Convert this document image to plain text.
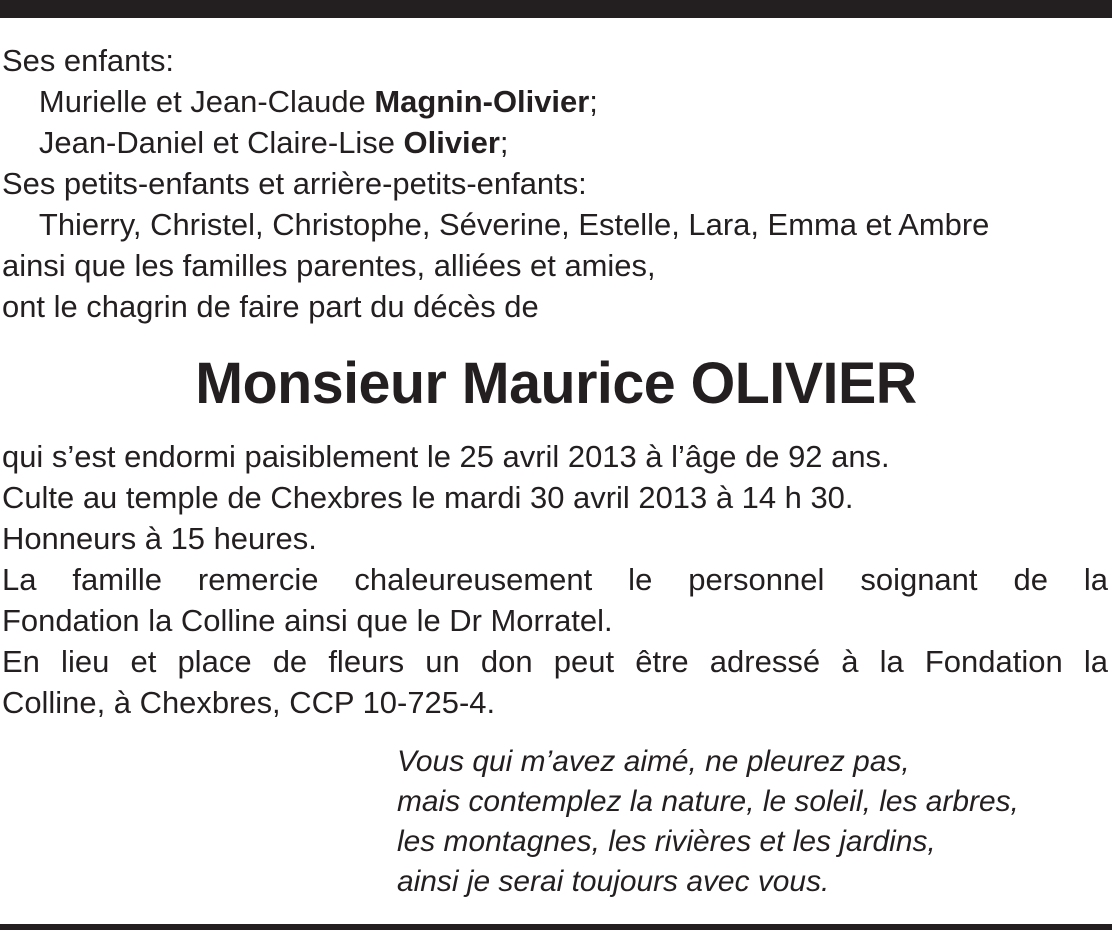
Ses enfants:
Murielle et Jean-Claude Magnin-Olivier;
Jean-Daniel et Claire-Lise Olivier;
Ses petits-enfants et arrière-petits-enfants:
Thierry, Christel, Christophe, Séverine, Estelle, Lara, Emma et Ambre
ainsi que les familles parentes, alliées et amies,
ont le chagrin de faire part du décès de
Monsieur Maurice OLIVIER
qui s’est endormi paisiblement le 25 avril 2013 à l’âge de 92 ans.
Culte au temple de Chexbres le mardi 30 avril 2013 à 14 h 30.
Honneurs à 15 heures.
La famille remercie chaleureusement le personnel soignant de la
Fondation la Colline ainsi que le Dr Morratel.
En lieu et place de fleurs un don peut être adressé à la Fondation la
Colline, à Chexbres, CCP 10-725-4.
Vous qui m’avez aimé, ne pleurez pas,
mais contemplez la nature, le soleil, les arbres,
les montagnes, les rivières et les jardins,
ainsi je serai toujours avec vous.
